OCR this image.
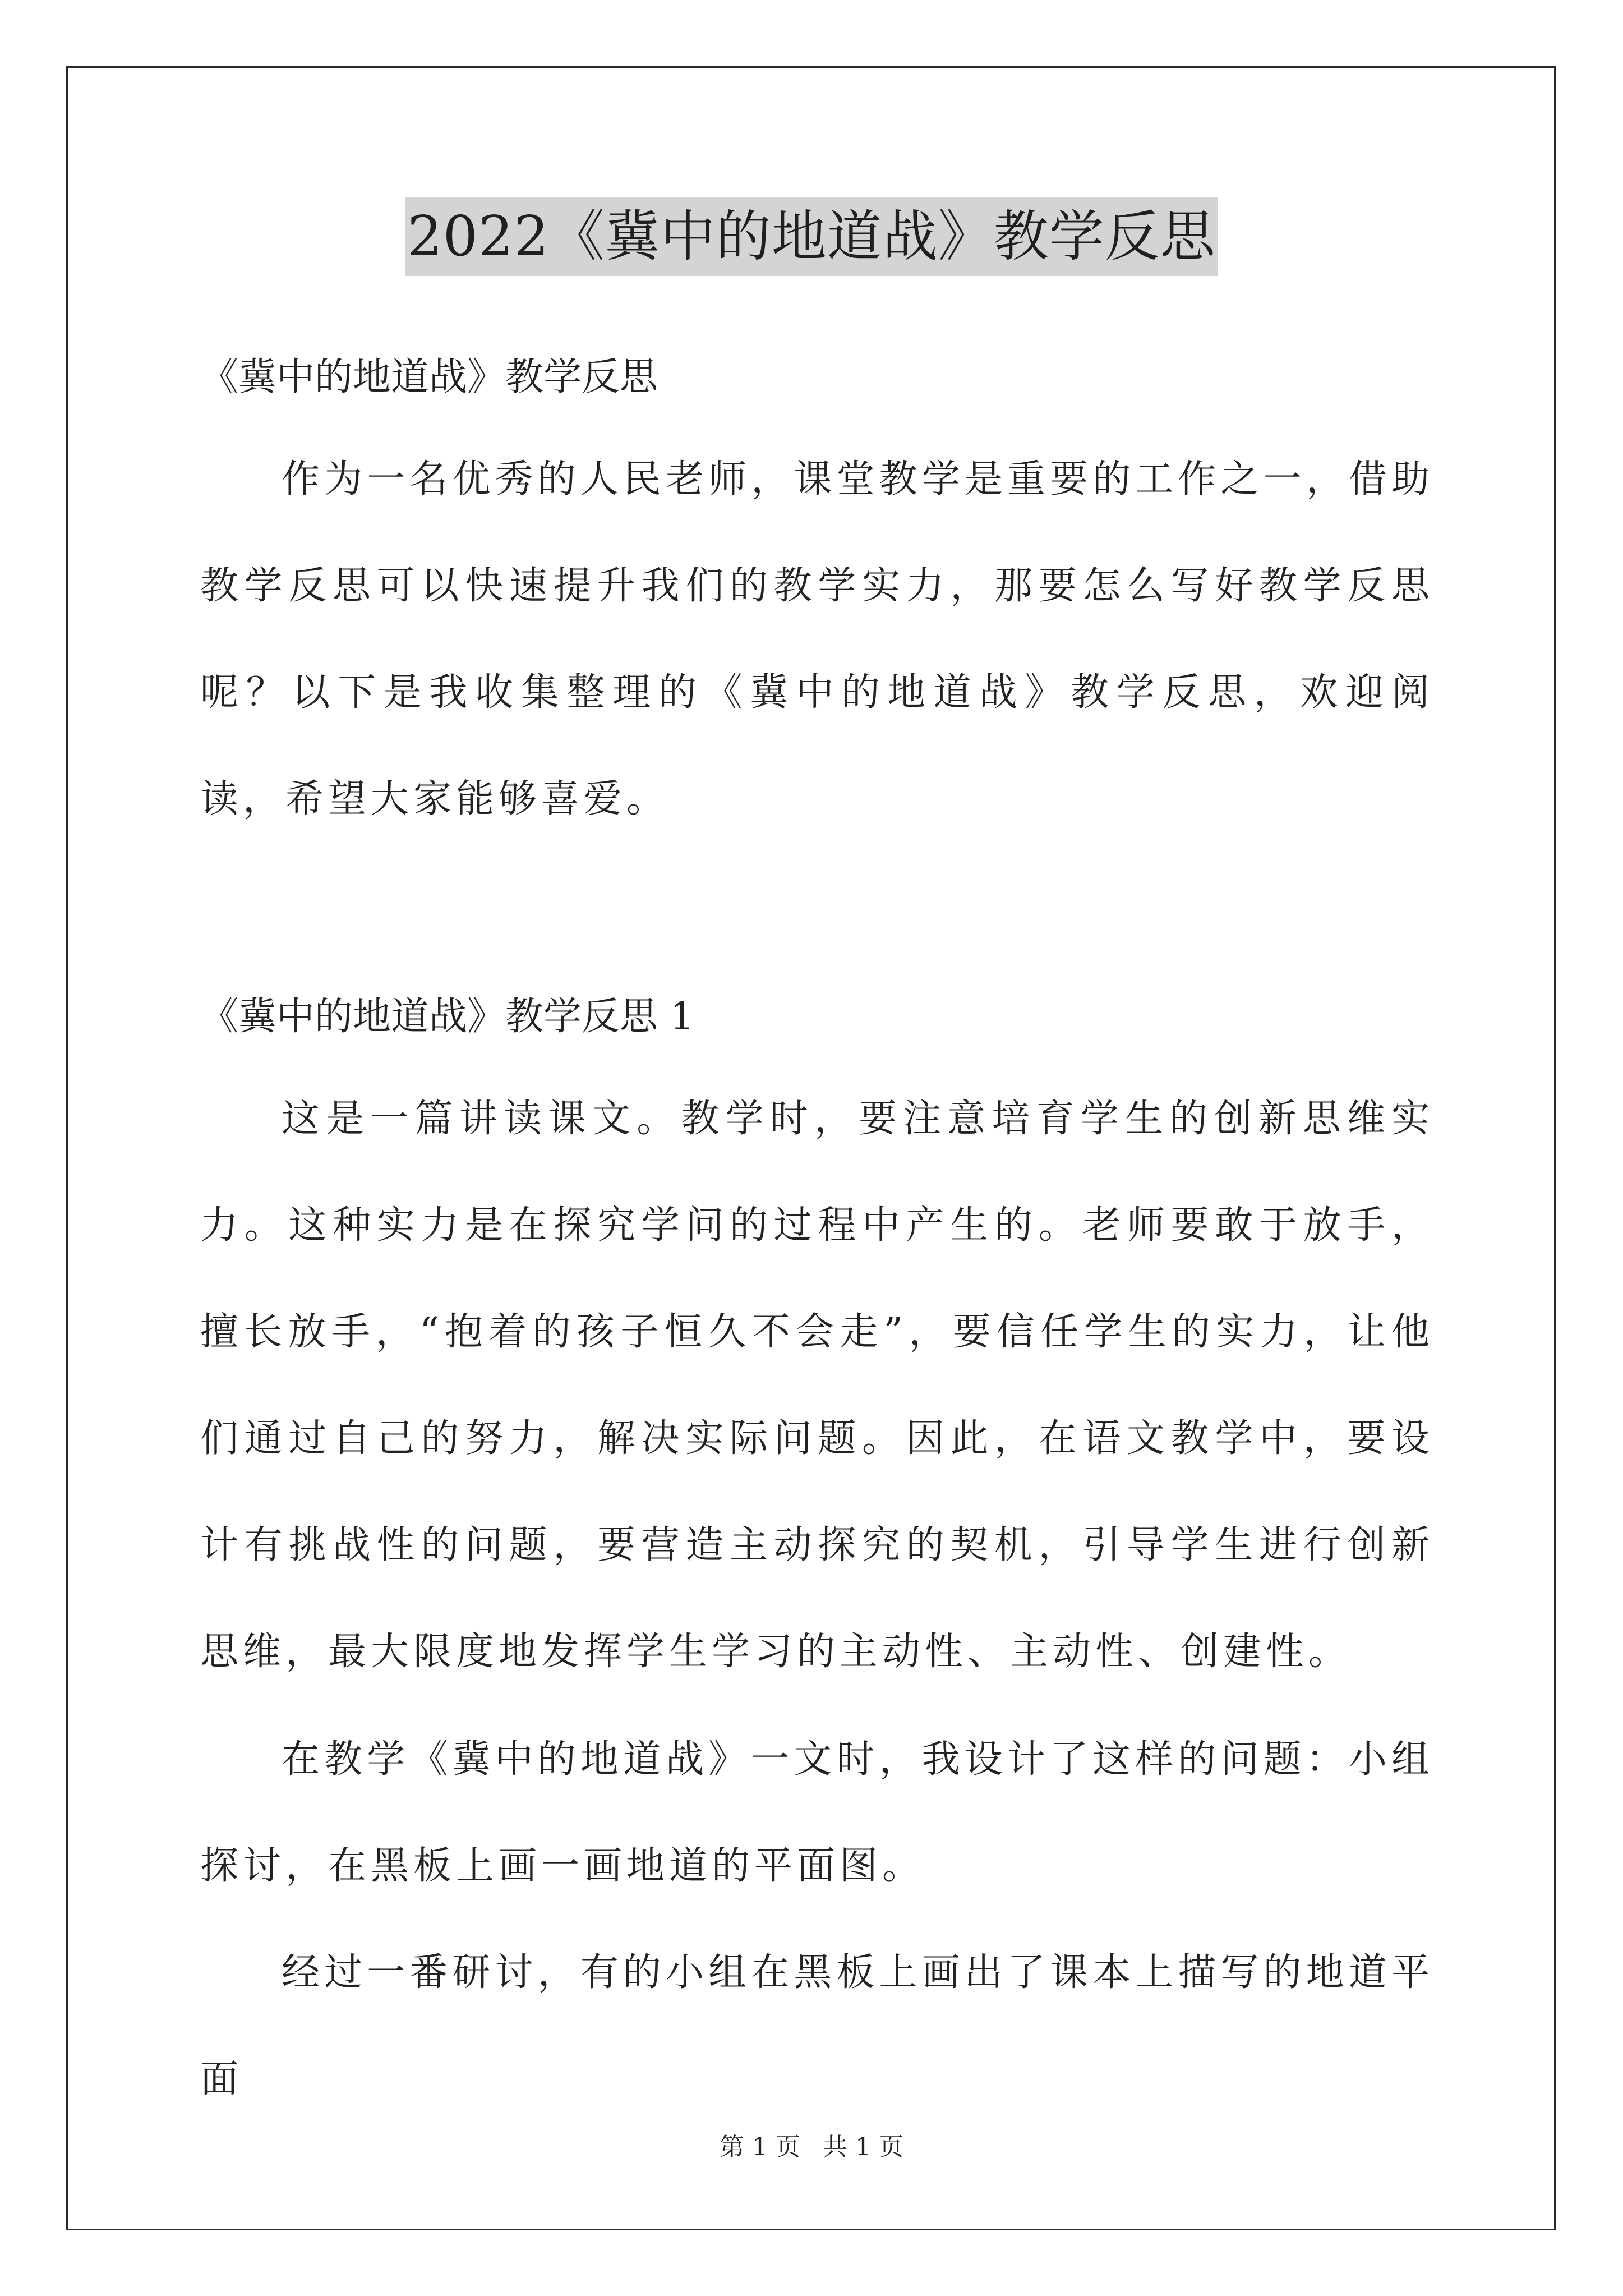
2022《冀中的地道战》教学反思
《冀中的地道战》教学反思

作为一名优秀的人民老师，课堂教学是重要的工作之一，借助教学反思可以快速提升我们的教学实力，那要怎么写好教学反思呢？以下是我收集整理的《冀中的地道战》教学反思，欢迎阅读，希望大家能够喜爱。

《冀中的地道战》教学反思 1

这是一篇讲读课文。教学时，要注意培育学生的创新思维实力。这种实力是在探究学问的过程中产生的。老师要敢于放手，擅长放手，“抱着的孩子恒久不会走”，要信任学生的实力，让他们通过自己的努力，解决实际问题。因此，在语文教学中，要设计有挑战性的问题，要营造主动探究的契机，引导学生进行创新思维，最大限度地发挥学生学习的主动性、主动性、创建性。

在教学《冀中的地道战》一文时，我设计了这样的问题：小组探讨，在黑板上画一画地道的平面图。

经过一番研讨，有的小组在黑板上画出了课本上描写的地道平面

第 1 页 共 1 页
